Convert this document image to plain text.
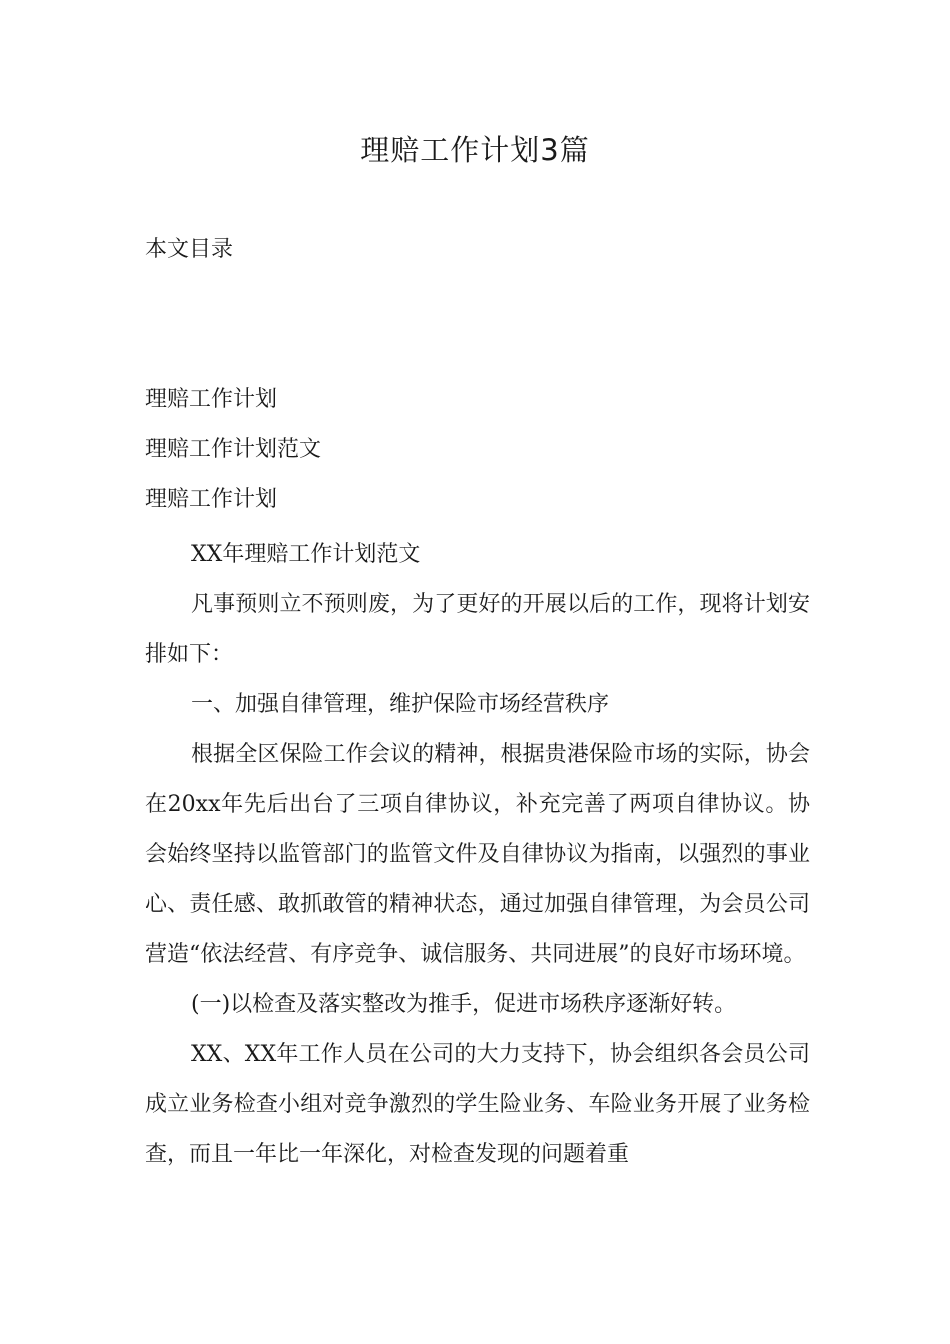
理赔工作计划3篇
本文目录
理赔工作计划
理赔工作计划范文
理赔工作计划

XX年理赔工作计划范文

凡事预则立不预则废，为了更好的开展以后的工作，现将计划安排如下：

一、加强自律管理，维护保险市场经营秩序

根据全区保险工作会议的精神，根据贵港保险市场的实际，协会在20xx年先后出台了三项自律协议，补充完善了两项自律协议。协会始终坚持以监管部门的监管文件及自律协议为指南，以强烈的事业心、责任感、敢抓敢管的精神状态，通过加强自律管理，为会员公司营造“依法经营、有序竞争、诚信服务、共同进展”的良好市场环境。

(一)以检查及落实整改为推手，促进市场秩序逐渐好转。

XX、XX年工作人员在公司的大力支持下，协会组织各会员公司成立业务检查小组对竞争激烈的学生险业务、车险业务开展了业务检查，而且一年比一年深化，对检查发现的问题着重
